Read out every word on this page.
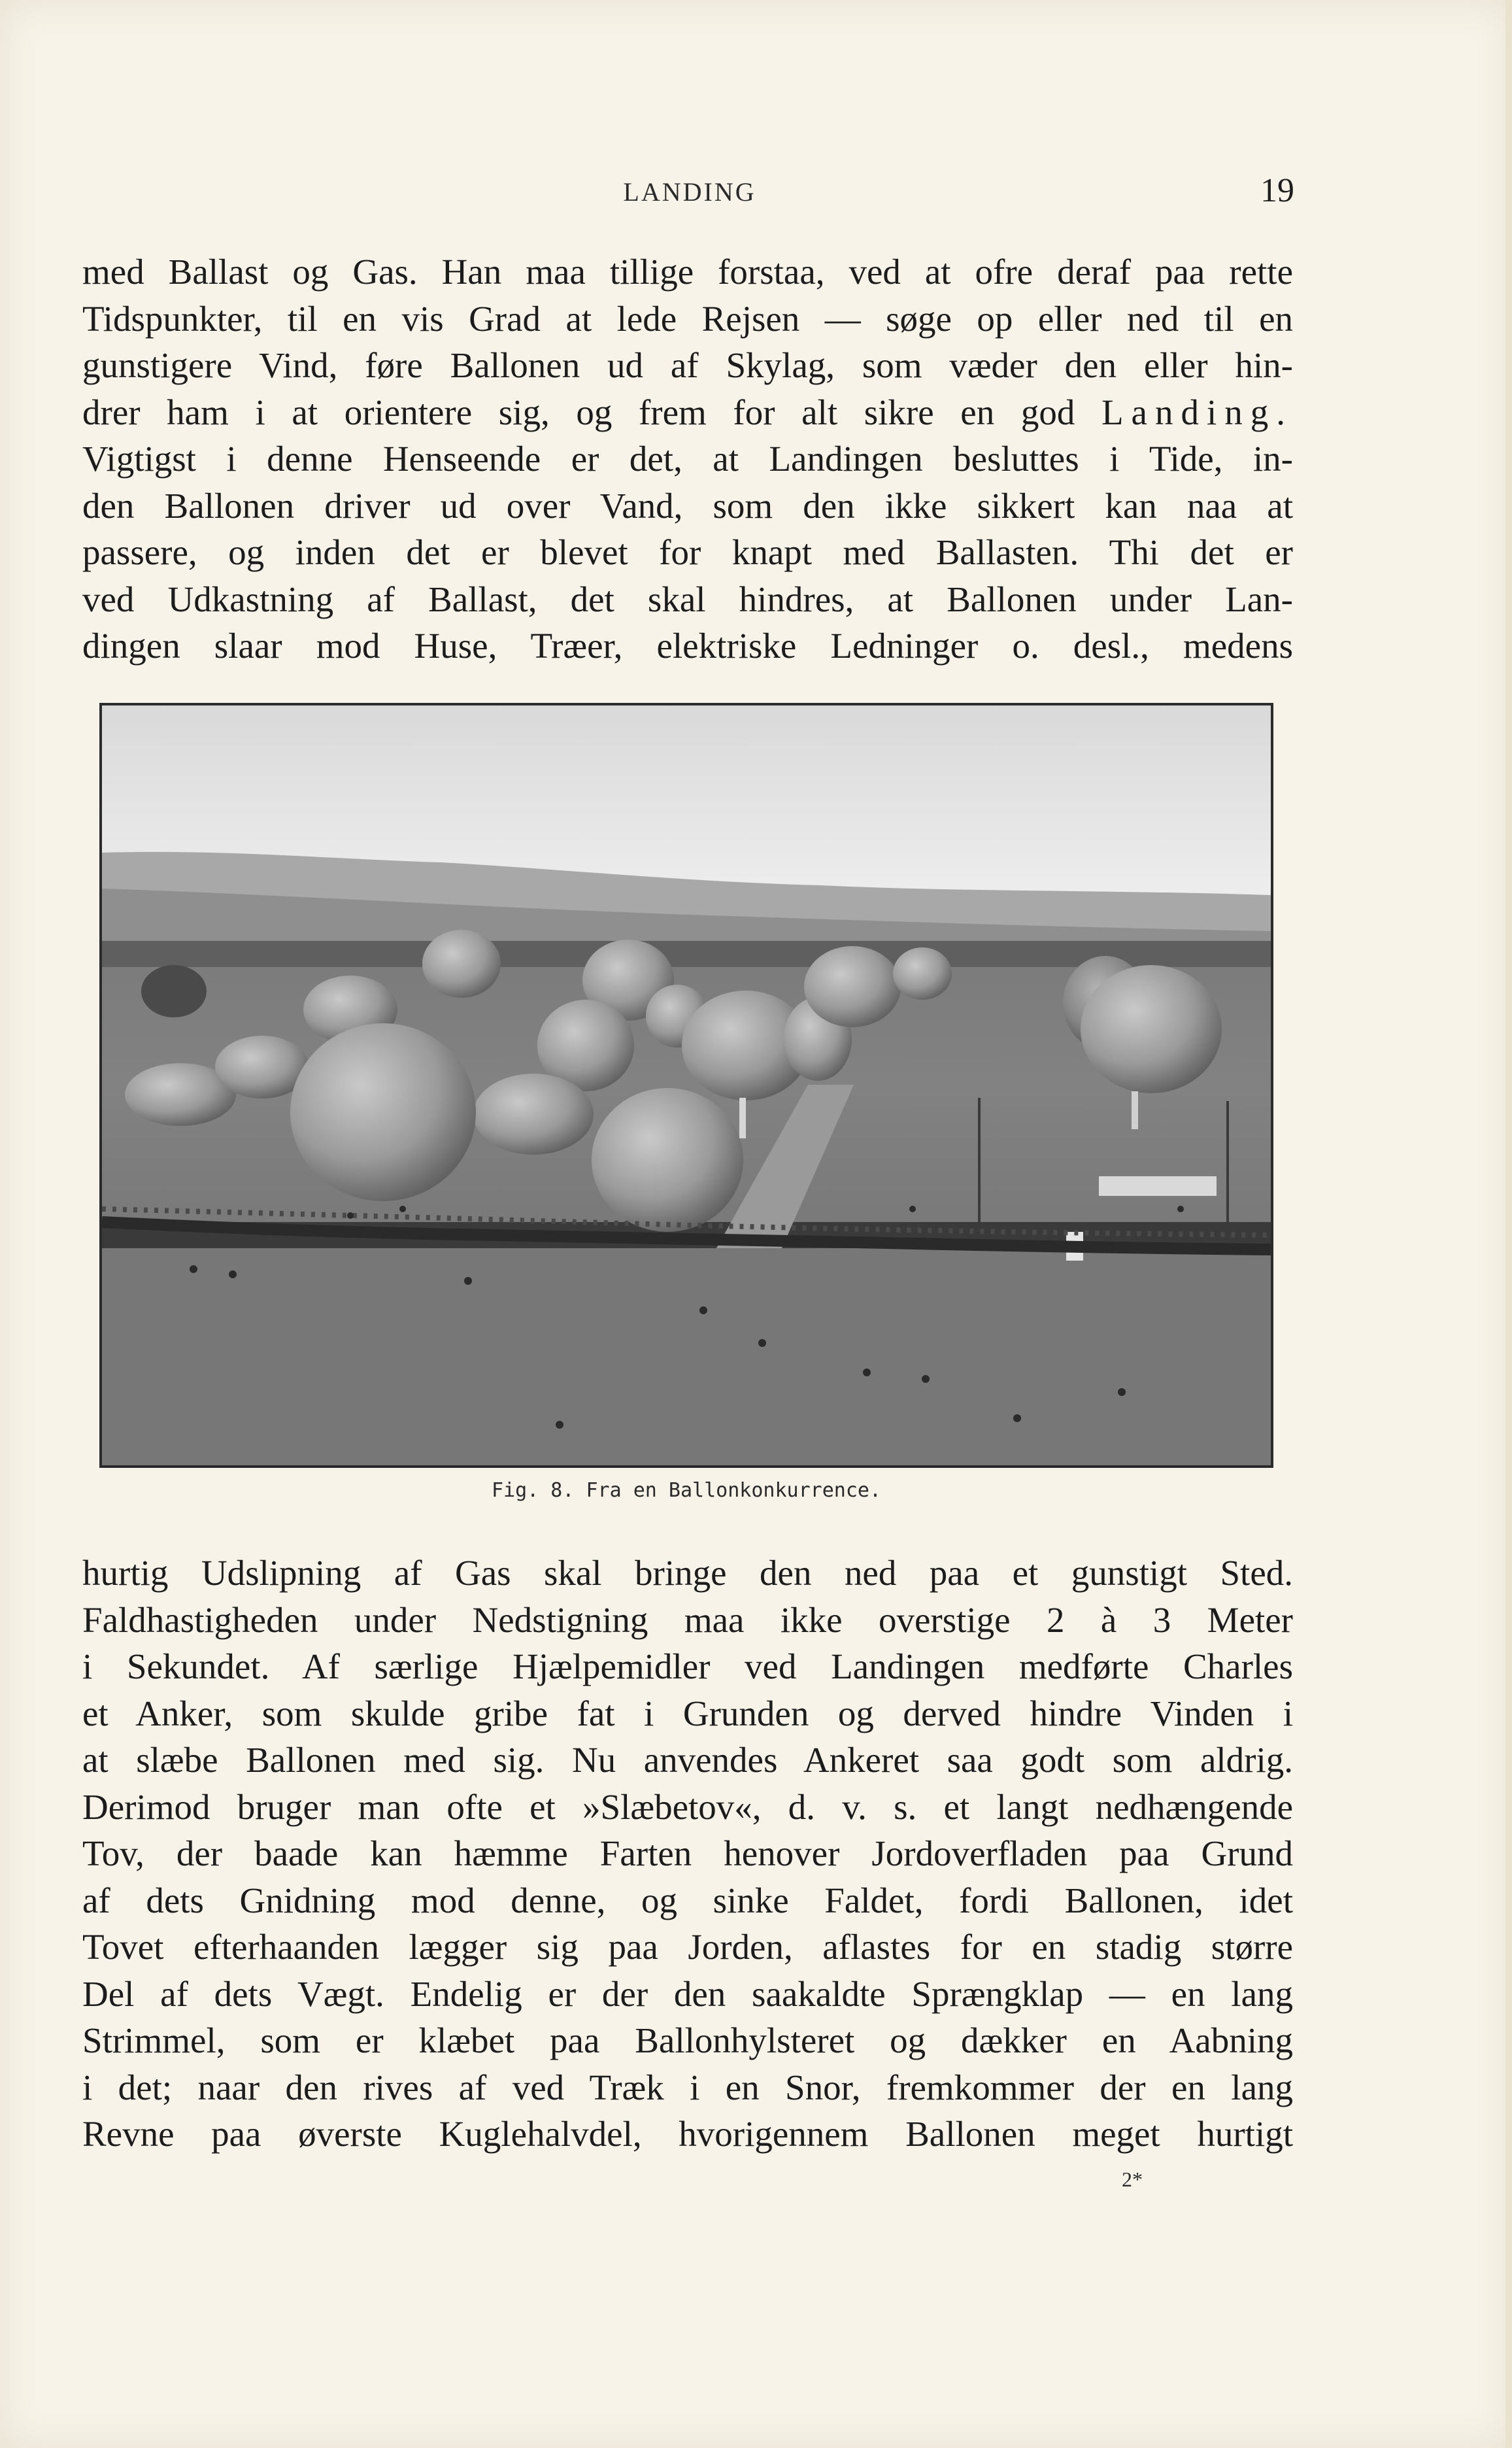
LANDING	19
med Ballast og Gas. Han maa tillige forstaa, ved at ofre deraf paa rette
Tidspunkter, til en vis Grad at lede Rejsen — søge op eller ned til en
gunstigere Vind, føre Ballonen ud af Skylag, som væder den eller hin-
drer ham i at orientere sig, og frem for alt sikre en god Landing.
Vigtigst i denne Henseende er det, at Landingen besluttes i Tide, in-
den Ballonen driver ud over Vand, som den ikke sikkert kan naa at
passere, og inden det er blevet for knapt med Ballasten. Thi det er
ved Udkastning af Ballast, det skal hindres, at Ballonen under Lan-
dingen slaar mod Huse, Træer, elektriske Ledninger o. desl., medens
Fig. 8. Fra en Ballonkonkurrence.
hurtig Udslipning af Gas skal bringe den ned paa et gunstigt Sted.
Faldhastigheden under Nedstigning maa ikke overstige 2 à 3 Meter
i Sekundet. Af særlige Hjælpemidler ved Landingen medførte Charles
et Anker, som skulde gribe fat i Grunden og derved hindre Vinden i
at slæbe Ballonen med sig. Nu anvendes Ankeret saa godt som aldrig.
Derimod bruger man ofte et »Slæbetov«, d. v. s. et langt nedhængende
Tov, der baade kan hæmme Farten henover Jordoverfladen paa Grund
af dets Gnidning mod denne, og sinke Faldet, fordi Ballonen, idet
Tovet efterhaanden lægger sig paa Jorden, aflastes for en stadig større
Del af dets Vægt. Endelig er der den saakaldte Sprængklap — en lang
Strimmel, som er klæbet paa Ballonhylsteret og dækker en Aabning
i det; naar den rives af ved Træk i en Snor, fremkommer der en lang
Revne paa øverste Kuglehalvdel, hvorigennem Ballonen meget hurtigt
2*
